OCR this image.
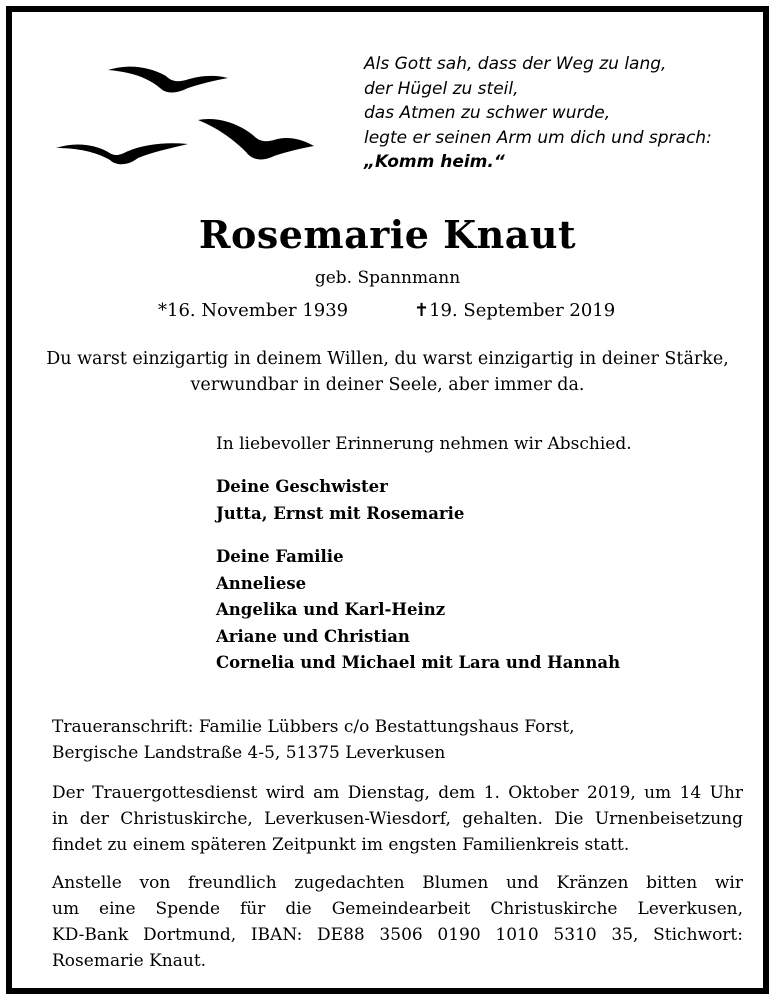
Als Gott sah, dass der Weg zu lang,
der Hügel zu steil,
das Atmen zu schwer wurde,
legte er seinen Arm um dich und sprach:
„Komm heim.“
Rosemarie Knaut
geb. Spannmann
*16. November 1939	✝19. September 2019
Du warst einzigartig in deinem Willen, du warst einzigartig in deiner Stärke,
verwundbar in deiner Seele, aber immer da.
In liebevoller Erinnerung nehmen wir Abschied.
Deine Geschwister
Jutta, Ernst mit Rosemarie
Deine Familie
Anneliese
Angelika und Karl-Heinz
Ariane und Christian
Cornelia und Michael mit Lara und Hannah
Traueranschrift: Familie Lübbers c/o Bestattungshaus Forst,
Bergische Landstraße 4-5, 51375 Leverkusen
Der Trauergottesdienst wird am Dienstag, dem 1. Oktober 2019, um 14 Uhr
in der Christuskirche, Leverkusen-Wiesdorf, gehalten. Die Urnenbeisetzung
findet zu einem späteren Zeitpunkt im engsten Familienkreis statt.
Anstelle von freundlich zugedachten Blumen und Kränzen bitten wir
um eine Spende für die Gemeindearbeit Christuskirche Leverkusen,
KD-Bank Dortmund, IBAN: DE88 3506 0190 1010 5310 35, Stichwort:
Rosemarie Knaut.
